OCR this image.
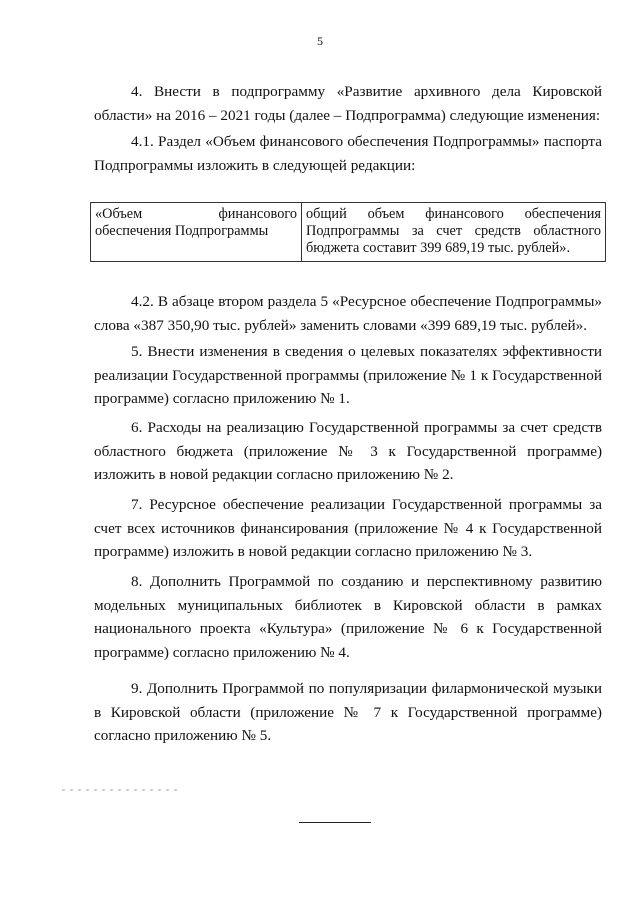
5

4. Внести в подпрограмму «Развитие архивного дела Кировской области» на 2016 – 2021 годы (далее – Подпрограмма) следующие изменения:

4.1. Раздел «Объем финансового обеспечения Подпрограммы» паспорта Подпрограммы изложить в следующей редакции:

«Объем финансового обеспечения Подпрограммы	общий объем финансового обеспечения Подпрограммы за счет средств областного бюджета составит 399 689,19 тыс. рублей».

4.2. В абзаце втором раздела 5 «Ресурсное обеспечение Подпрограммы» слова «387 350,90 тыс. рублей» заменить словами «399 689,19 тыс. рублей».

5. Внести изменения в сведения о целевых показателях эффективности реализации Государственной программы (приложение № 1 к Государственной программе) согласно приложению № 1.

6. Расходы на реализацию Государственной программы за счет средств областного бюджета (приложение № 3 к Государственной программе) изложить в новой редакции согласно приложению № 2.

7. Ресурсное обеспечение реализации Государственной программы за счет всех источников финансирования (приложение № 4 к Государственной программе) изложить в новой редакции согласно приложению № 3.

8. Дополнить Программой по созданию и перспективному развитию модельных муниципальных библиотек в Кировской области в рамках национального проекта «Культура» (приложение № 6 к Государственной программе) согласно приложению № 4.

9. Дополнить Программой по популяризации филармонической музыки в Кировской области (приложение № 7 к Государственной программе) согласно приложению № 5.
